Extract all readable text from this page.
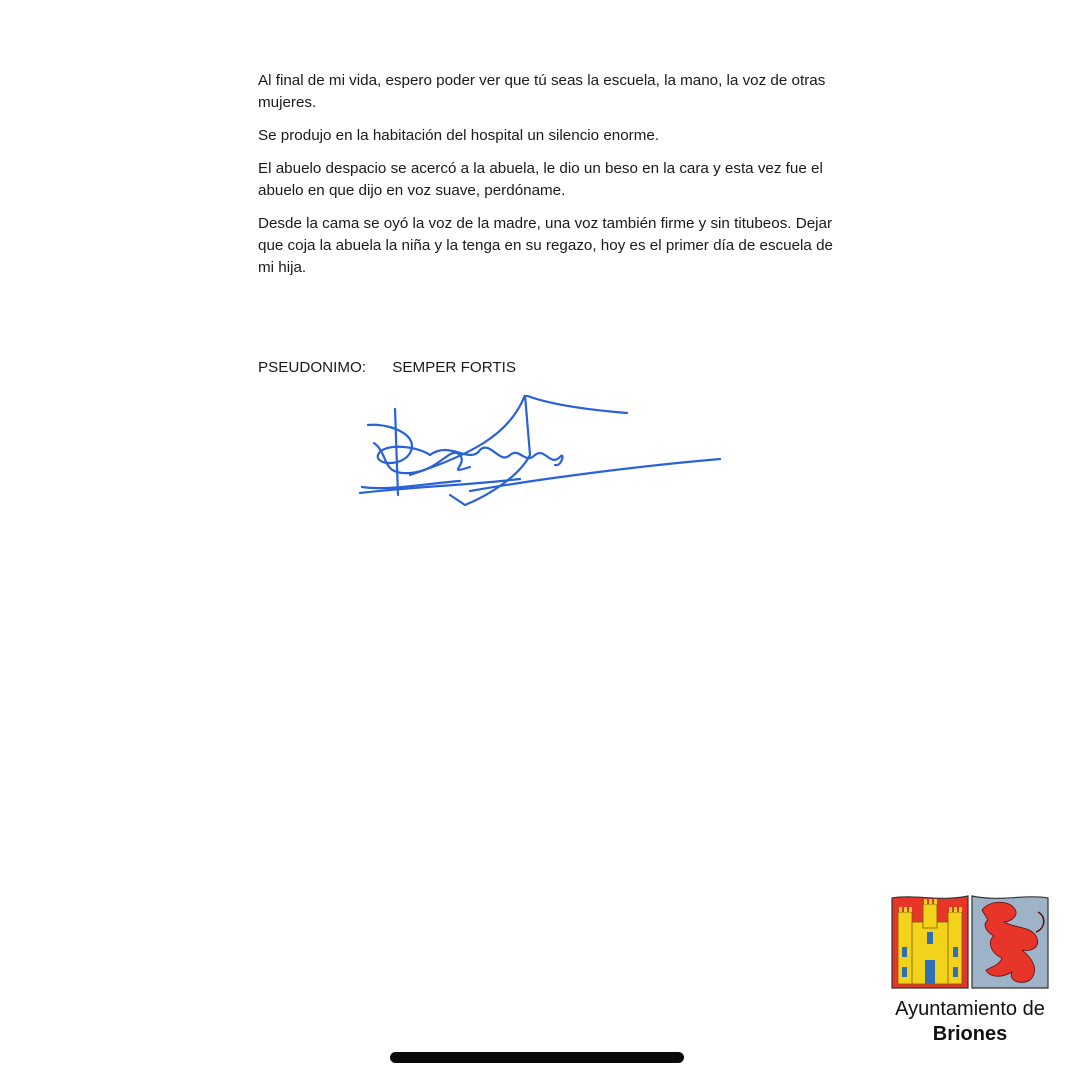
Al final de mi vida, espero poder ver que tú seas la escuela, la mano, la voz de otras mujeres.

Se produjo en la habitación del hospital un silencio enorme.

El abuelo despacio se acercó a la abuela, le dio un beso en la cara y esta vez fue el abuelo en que dijo en voz suave, perdóname.

Desde la cama se oyó la voz de la madre, una voz también firme y sin titubeos. Dejar que coja la abuela la niña y la tenga en su regazo, hoy es el primer día de escuela de mi hija.

PSEUDONIMO: SEMPER FORTIS
Ayuntamiento de
Briones
